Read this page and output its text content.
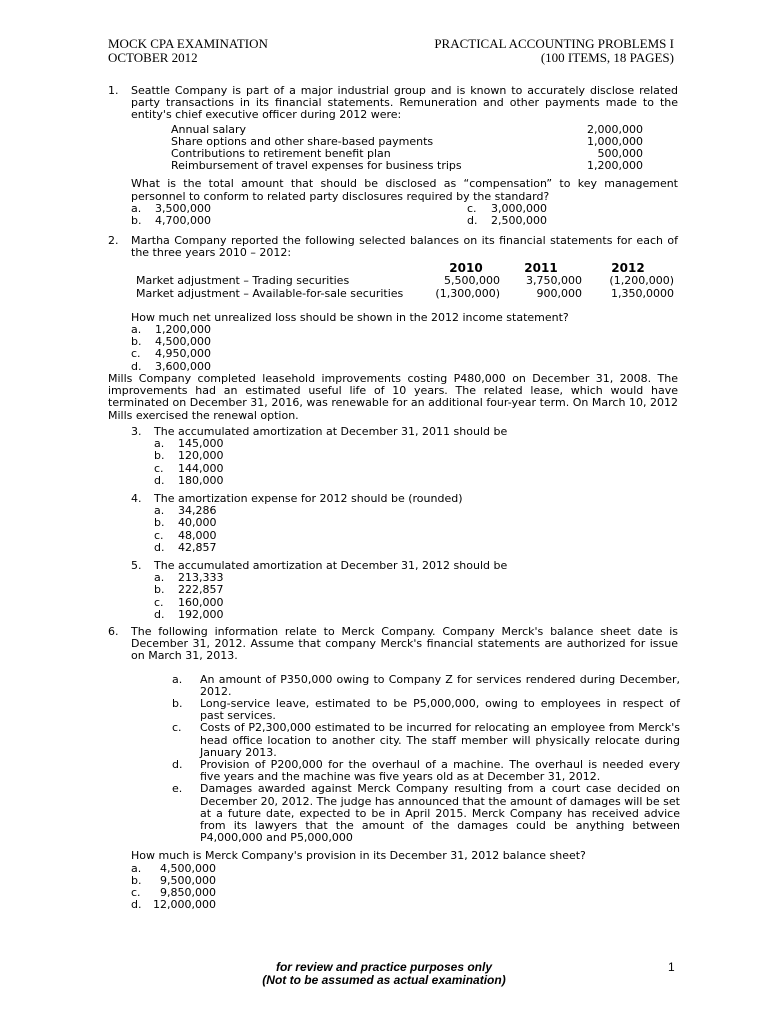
MOCK CPA EXAMINATION
OCTOBER 2012
PRACTICAL ACCOUNTING PROBLEMS I
(100 ITEMS, 18 PAGES)
1.	Seattle Company is part of a major industrial group and is known to accurately disclose related party transactions in its financial statements. Remuneration and other payments made to the entity's chief executive officer during 2012 were:

Annual salary	2,000,000
Share options and other share-based payments	1,000,000
Contributions to retirement benefit plan	500,000
Reimbursement of travel expenses for business trips	1,200,000

What is the total amount that should be disclosed as “compensation” to key management personnel to conform to related party disclosures required by the standard?

a.	3,500,000	c.	3,000,000
b.	4,700,000	d.	2,500,000
2.	Martha Company reported the following selected balances on its financial statements for each of the three years 2010 – 2012:

	2010	2011	2012
Market adjustment – Trading securities	5,500,000	3,750,000	(1,200,000)
Market adjustment – Available-for-sale securities	(1,300,000)	900,000	1,350,0000

How much net unrealized loss should be shown in the 2012 income statement?

a.	1,200,000
b.	4,500,000
c.	4,950,000
d.	3,600,000

Mills Company completed leasehold improvements costing P480,000 on December 31, 2008. The improvements had an estimated useful life of 10 years. The related lease, which would have terminated on December 31, 2016, was renewable for an additional four-year term. On March 10, 2012 Mills exercised the renewal option.

3.	The accumulated amortization at December 31, 2011 should be

a.	145,000
b.	120,000
c.	144,000
d.	180,000
4.	The amortization expense for 2012 should be (rounded)

a.	34,286
b.	40,000
c.	48,000
d.	42,857
5.	The accumulated amortization at December 31, 2012 should be

a.	213,333
b.	222,857
c.	160,000
d.	192,000
6.	The following information relate to Merck Company. Company Merck's balance sheet date is December 31, 2012. Assume that company Merck's financial statements are authorized for issue on March 31, 2013.

a.	An amount of P350,000 owing to Company Z for services rendered during December, 2012.

b.	Long-service leave, estimated to be P5,000,000, owing to employees in respect of past services.

c.	Costs of P2,300,000 estimated to be incurred for relocating an employee from Merck's head office location to another city. The staff member will physically relocate during January 2013.

d.	Provision of P200,000 for the overhaul of a machine. The overhaul is needed every five years and the machine was five years old as at December 31, 2012.

e.	Damages awarded against Merck Company resulting from a court case decided on December 20, 2012. The judge has announced that the amount of damages will be set at a future date, expected to be in April 2015. Merck Company has received advice from its lawyers that the amount of the damages could be anything between P4,000,000 and P5,000,000

How much is Merck Company's provision in its December 31, 2012 balance sheet?

a.	4,500,000
b.	9,500,000
c.	9,850,000
d.	12,000,000
for review and practice purposes only
(Not to be assumed as actual examination)
1
